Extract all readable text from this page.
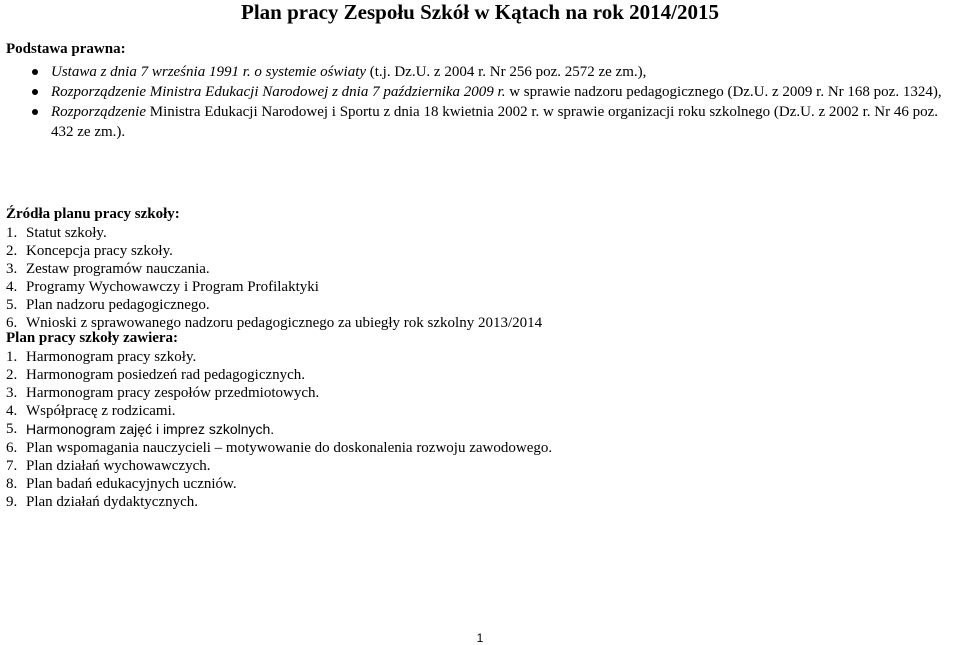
Plan pracy Zespołu Szkół w Kątach na rok 2014/2015
Podstawa prawna:
Ustawa z dnia 7 września 1991 r. o systemie oświaty (t.j. Dz.U. z 2004 r. Nr 256 poz. 2572 ze zm.),
Rozporządzenie Ministra Edukacji Narodowej z dnia 7 października 2009 r. w sprawie nadzoru pedagogicznego (Dz.U. z 2009 r. Nr 168 poz. 1324),
Rozporządzenie Ministra Edukacji Narodowej i Sportu z dnia 18 kwietnia 2002 r. w sprawie organizacji roku szkolnego (Dz.U. z 2002 r. Nr 46 poz. 432 ze zm.).
Źródła planu pracy szkoły:
1. Statut szkoły.
2. Koncepcja pracy szkoły.
3. Zestaw programów nauczania.
4. Programy Wychowawczy i Program Profilaktyki
5. Plan nadzoru pedagogicznego.
6. Wnioski z sprawowanego nadzoru pedagogicznego za ubiegły rok szkolny 2013/2014
Plan pracy szkoły zawiera:
1. Harmonogram pracy szkoły.
2. Harmonogram posiedzeń rad pedagogicznych.
3. Harmonogram pracy zespołów przedmiotowych.
4. Współpracę z rodzicami.
5. Harmonogram zajęć i imprez szkolnych.
6. Plan wspomagania nauczycieli – motywowanie do doskonalenia rozwoju zawodowego.
7. Plan działań wychowawczych.
8. Plan badań edukacyjnych uczniów.
9. Plan działań dydaktycznych.
1
